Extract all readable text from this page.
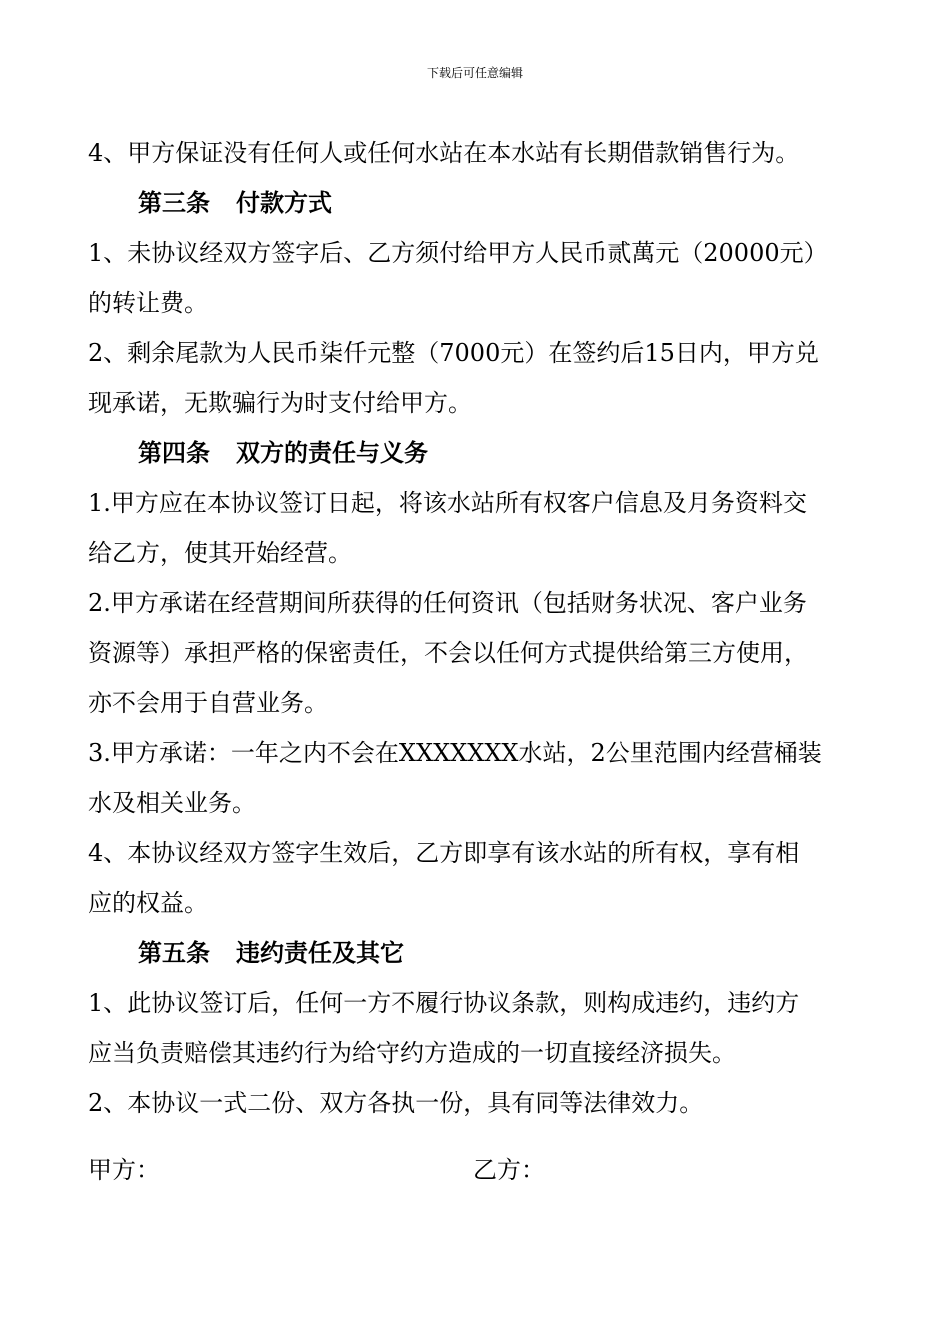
下载后可任意编辑
4、甲方保证没有任何人或任何水站在本水站有长期借款销售行为。
第三条 付款方式
1、未协议经双方签字后、乙方须付给甲方人民币贰萬元（20000元）
的转让费。
2、剩余尾款为人民币柒仟元整（7000元）在签约后15日内，甲方兑
现承诺，无欺骗行为时支付给甲方。
第四条 双方的责任与义务
1.甲方应在本协议签订日起，将该水站所有权客户信息及月务资料交
给乙方，使其开始经营。
2.甲方承诺在经营期间所获得的任何资讯（包括财务状况、客户业务
资源等）承担严格的保密责任，不会以任何方式提供给第三方使用，
亦不会用于自营业务。
3.甲方承诺：一年之内不会在XXXXXXX水站，2公里范围内经营桶装
水及相关业务。
4、本协议经双方签字生效后，乙方即享有该水站的所有权，享有相
应的权益。
第五条 违约责任及其它
1、此协议签订后，任何一方不履行协议条款，则构成违约，违约方
应当负责赔偿其违约行为给守约方造成的一切直接经济损失。
2、本协议一式二份、双方各执一份，具有同等法律效力。
甲方：	乙方：
